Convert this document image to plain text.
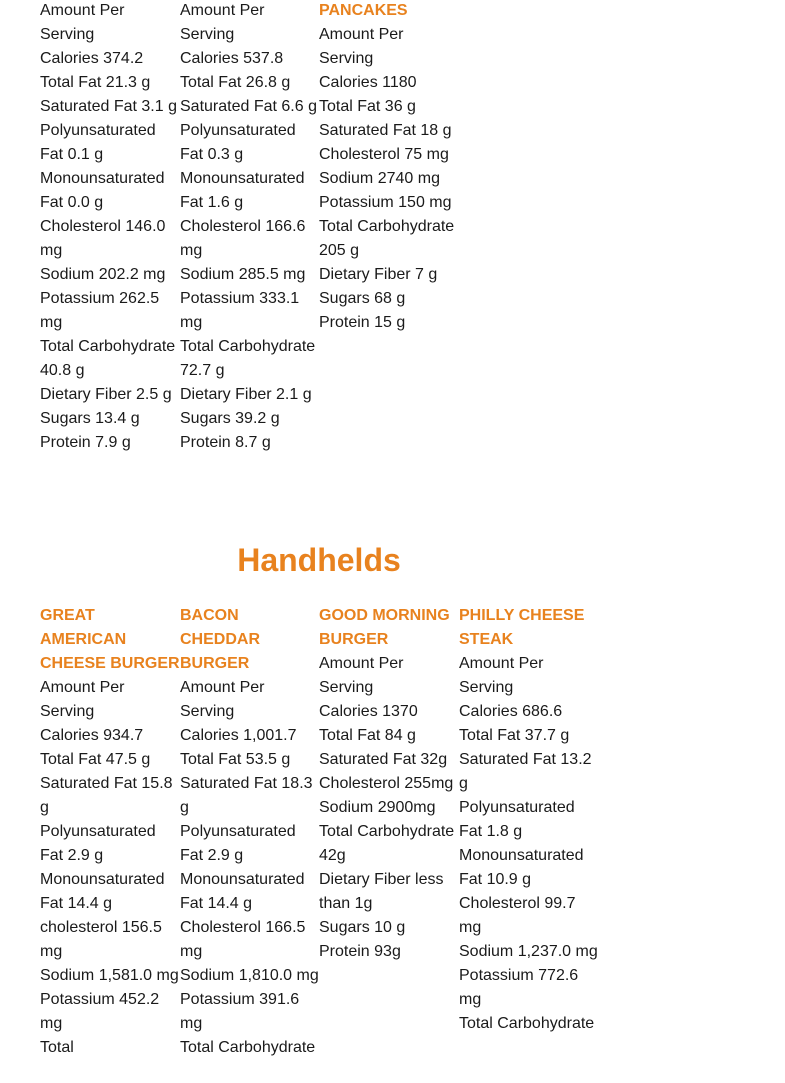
Amount Per Serving
Calories 374.2
Total Fat 21.3 g
Saturated Fat 3.1 g
Polyunsaturated Fat 0.1 g
Monounsaturated Fat 0.0 g
Cholesterol 146.0 mg
Sodium 202.2 mg
Potassium 262.5 mg
Total Carbohydrate 40.8 g
Dietary Fiber 2.5 g
Sugars 13.4 g
Protein 7.9 g
Amount Per Serving
Calories 537.8
Total Fat 26.8 g
Saturated Fat 6.6 g
Polyunsaturated Fat 0.3 g
Monounsaturated Fat 1.6 g
Cholesterol 166.6 mg
Sodium 285.5 mg
Potassium 333.1 mg
Total Carbohydrate 72.7 g
Dietary Fiber 2.1 g
Sugars 39.2 g
Protein 8.7 g
PANCAKES
Amount Per Serving
Calories 1180
Total Fat 36 g
Saturated Fat 18 g
Cholesterol 75 mg
Sodium 2740 mg
Potassium 150 mg
Total Carbohydrate 205 g
Dietary Fiber 7 g
Sugars 68 g
Protein 15 g
Handhelds
GREAT AMERICAN CHEESE BURGER
Amount Per Serving
Calories 934.7
Total Fat 47.5 g
Saturated Fat 15.8 g
Polyunsaturated Fat 2.9 g
Monounsaturated Fat 14.4 g
cholesterol 156.5 mg
Sodium 1,581.0 mg
Potassium 452.2 mg
Total
BACON CHEDDAR BURGER
Amount Per Serving
Calories 1,001.7
Total Fat 53.5 g
Saturated Fat 18.3 g
Polyunsaturated Fat 2.9 g
Monounsaturated Fat 14.4 g
Cholesterol 166.5 mg
Sodium 1,810.0 mg
Potassium 391.6 mg
Total Carbohydrate
GOOD MORNING BURGER
Amount Per Serving
Calories 1370
Total Fat 84 g
Saturated Fat 32g
Cholesterol 255mg
Sodium 2900mg
Total Carbohydrate 42g
Dietary Fiber less than 1g
Sugars 10 g
Protein 93g
PHILLY CHEESE STEAK
Amount Per Serving
Calories 686.6
Total Fat 37.7 g
Saturated Fat 13.2 g
Polyunsaturated Fat 1.8 g
Monounsaturated Fat 10.9 g
Cholesterol 99.7 mg
Sodium 1,237.0 mg
Potassium 772.6 mg
Total Carbohydrate
